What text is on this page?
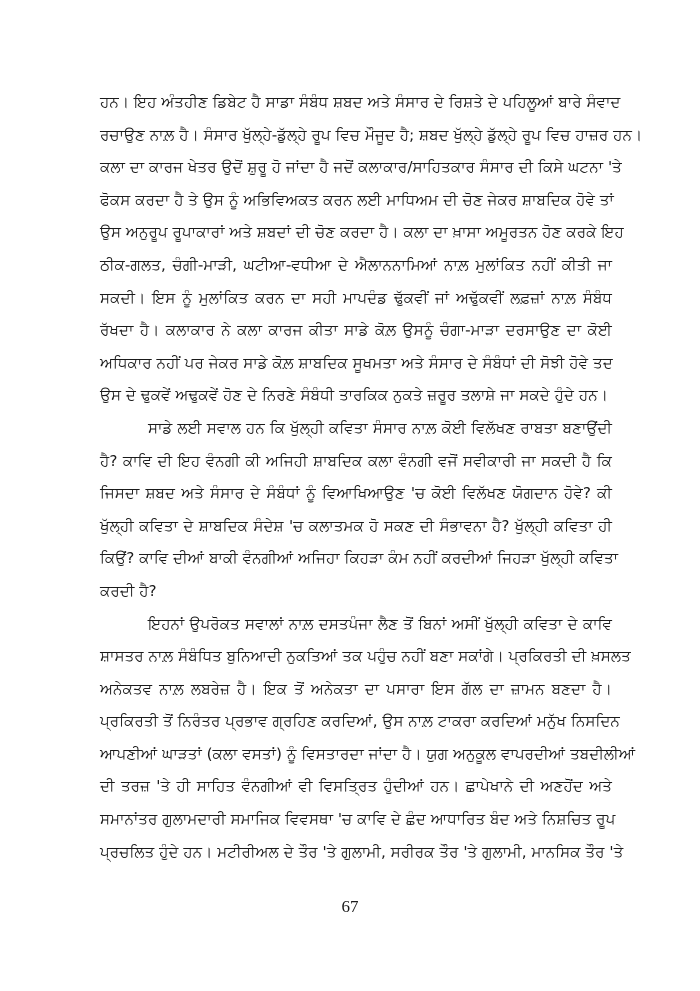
ਹਨ। ਇਹ ਅੰਤਹੀਣ ਡਿਬੇਟ ਹੈ ਸਾਡਾ ਸੰਬੰਧ ਸ਼ਬਦ ਅਤੇ ਸੰਸਾਰ ਦੇ ਰਿਸ਼ਤੇ ਦੇ ਪਹਿਲੂਆਂ ਬਾਰੇ ਸੰਵਾਦ
ਰਚਾਉਣ ਨਾਲ਼ ਹੈ। ਸੰਸਾਰ ਖੁੱਲ੍ਹੇ-ਡੁੱਲ੍ਹੇ ਰੂਪ ਵਿਚ ਮੌਜੂਦ ਹੈ; ਸ਼ਬਦ ਖੁੱਲ੍ਹੇ ਡੁੱਲ੍ਹੇ ਰੂਪ ਵਿਚ ਹਾਜ਼ਰ ਹਨ।
ਕਲਾ ਦਾ ਕਾਰਜ ਖੇਤਰ ਉਦੋਂ ਸ਼ੁਰੂ ਹੋ ਜਾਂਦਾ ਹੈ ਜਦੋਂ ਕਲਾਕਾਰ/ਸਾਹਿਤਕਾਰ ਸੰਸਾਰ ਦੀ ਕਿਸੇ ਘਟਨਾ 'ਤੇ
ਫੋਕਸ ਕਰਦਾ ਹੈ ਤੇ ਉਸ ਨੂੰ ਅਭਿਵਿਅਕਤ ਕਰਨ ਲਈ ਮਾਧਿਅਮ ਦੀ ਚੋਣ ਜੇਕਰ ਸ਼ਾਬਦਿਕ ਹੋਵੇ ਤਾਂ
ਉਸ ਅਨੁਰੂਪ ਰੂਪਾਕਾਰਾਂ ਅਤੇ ਸ਼ਬਦਾਂ ਦੀ ਚੋਣ ਕਰਦਾ ਹੈ। ਕਲਾ ਦਾ ਖ਼ਾਸਾ ਅਮੂਰਤਨ ਹੋਣ ਕਰਕੇ ਇਹ
ਠੀਕ-ਗਲਤ, ਚੰਗੀ-ਮਾੜੀ, ਘਟੀਆ-ਵਧੀਆ ਦੇ ਐਲਾਨਨਾਮਿਆਂ ਨਾਲ਼ ਮੁਲਾਂਕਿਤ ਨਹੀਂ ਕੀਤੀ ਜਾ
ਸਕਦੀ। ਇਸ ਨੂੰ ਮੁਲਾਂਕਿਤ ਕਰਨ ਦਾ ਸਹੀ ਮਾਪਦੰਡ ਢੁੱਕਵੀਂ ਜਾਂ ਅਢੁੱਕਵੀਂ ਲਫ਼ਜ਼ਾਂ ਨਾਲ਼ ਸੰਬੰਧ
ਰੱਖਦਾ ਹੈ। ਕਲਾਕਾਰ ਨੇ ਕਲਾ ਕਾਰਜ ਕੀਤਾ ਸਾਡੇ ਕੋਲ਼ ਉਸਨੂੰ ਚੰਗਾ-ਮਾੜਾ ਦਰਸਾਉਣ ਦਾ ਕੋਈ
ਅਧਿਕਾਰ ਨਹੀਂ ਪਰ ਜੇਕਰ ਸਾਡੇ ਕੋਲ਼ ਸ਼ਾਬਦਿਕ ਸੂਖਮਤਾ ਅਤੇ ਸੰਸਾਰ ਦੇ ਸੰਬੰਧਾਂ ਦੀ ਸੋਝੀ ਹੋਵੇ ਤਦ
ਉਸ ਦੇ ਢੁਕਵੇਂ ਅਢੁਕਵੇਂ ਹੋਣ ਦੇ ਨਿਰਣੇ ਸੰਬੰਧੀ ਤਾਰਕਿਕ ਨੁਕਤੇ ਜ਼ਰੂਰ ਤਲਾਸ਼ੇ ਜਾ ਸਕਦੇ ਹੁੰਦੇ ਹਨ।
ਸਾਡੇ ਲਈ ਸਵਾਲ ਹਨ ਕਿ ਖੁੱਲ੍ਹੀ ਕਵਿਤਾ ਸੰਸਾਰ ਨਾਲ਼ ਕੋਈ ਵਿਲੱਖਣ ਰਾਬਤਾ ਬਣਾਉਂਦੀ
ਹੈ? ਕਾਵਿ ਦੀ ਇਹ ਵੰਨਗੀ ਕੀ ਅਜਿਹੀ ਸ਼ਾਬਦਿਕ ਕਲਾ ਵੰਨਗੀ ਵਜੋਂ ਸਵੀਕਾਰੀ ਜਾ ਸਕਦੀ ਹੈ ਕਿ
ਜਿਸਦਾ ਸ਼ਬਦ ਅਤੇ ਸੰਸਾਰ ਦੇ ਸੰਬੰਧਾਂ ਨੂੰ ਵਿਆਖਿਆਉਣ 'ਚ ਕੋਈ ਵਿਲੱਖਣ ਯੋਗਦਾਨ ਹੋਵੇ? ਕੀ
ਖੁੱਲ੍ਹੀ ਕਵਿਤਾ ਦੇ ਸ਼ਾਬਦਿਕ ਸੰਦੇਸ਼ 'ਚ ਕਲਾਤਮਕ ਹੋ ਸਕਣ ਦੀ ਸੰਭਾਵਨਾ ਹੈ? ਖੁੱਲ੍ਹੀ ਕਵਿਤਾ ਹੀ
ਕਿਉਂ? ਕਾਵਿ ਦੀਆਂ ਬਾਕੀ ਵੰਨਗੀਆਂ ਅਜਿਹਾ ਕਿਹੜਾ ਕੰਮ ਨਹੀਂ ਕਰਦੀਆਂ ਜਿਹੜਾ ਖੁੱਲ੍ਹੀ ਕਵਿਤਾ
ਕਰਦੀ ਹੈ?
ਇਹਨਾਂ ਉਪਰੋਕਤ ਸਵਾਲਾਂ ਨਾਲ਼ ਦਸਤਪੰਜਾ ਲੈਣ ਤੋਂ ਬਿਨਾਂ ਅਸੀਂ ਖੁੱਲ੍ਹੀ ਕਵਿਤਾ ਦੇ ਕਾਵਿ
ਸ਼ਾਸਤਰ ਨਾਲ਼ ਸੰਬੰਧਿਤ ਬੁਨਿਆਦੀ ਨੁਕਤਿਆਂ ਤਕ ਪਹੁੰਚ ਨਹੀਂ ਬਣਾ ਸਕਾਂਗੇ। ਪ੍ਰਕਿਰਤੀ ਦੀ ਖ਼ਸਲਤ
ਅਨੇਕਤਵ ਨਾਲ਼ ਲਬਰੇਜ਼ ਹੈ। ਇਕ ਤੋਂ ਅਨੇਕਤਾ ਦਾ ਪਸਾਰਾ ਇਸ ਗੱਲ ਦਾ ਜ਼ਾਮਨ ਬਣਦਾ ਹੈ।
ਪ੍ਰਕਿਰਤੀ ਤੋਂ ਨਿਰੰਤਰ ਪ੍ਰਭਾਵ ਗ੍ਰਹਿਣ ਕਰਦਿਆਂ, ਉਸ ਨਾਲ਼ ਟਾਕਰਾ ਕਰਦਿਆਂ ਮਨੁੱਖ ਨਿਸਦਿਨ
ਆਪਣੀਆਂ ਘਾੜਤਾਂ (ਕਲਾ ਵਸਤਾਂ) ਨੂੰ ਵਿਸਤਾਰਦਾ ਜਾਂਦਾ ਹੈ। ਯੁਗ ਅਨੁਕੂਲ ਵਾਪਰਦੀਆਂ ਤਬਦੀਲੀਆਂ
ਦੀ ਤਰਜ਼ 'ਤੇ ਹੀ ਸਾਹਿਤ ਵੰਨਗੀਆਂ ਵੀ ਵਿਸਤ੍ਰਿਤ ਹੁੰਦੀਆਂ ਹਨ। ਛਾਪੇਖਾਨੇ ਦੀ ਅਣਹੋਂਦ ਅਤੇ
ਸਮਾਨਾਂਤਰ ਗੁਲਾਮਦਾਰੀ ਸਮਾਜਿਕ ਵਿਵਸਥਾ 'ਚ ਕਾਵਿ ਦੇ ਛੰਦ ਆਧਾਰਿਤ ਬੰਦ ਅਤੇ ਨਿਸ਼ਚਿਤ ਰੂਪ
ਪ੍ਰਚਲਿਤ ਹੁੰਦੇ ਹਨ। ਮਟੀਰੀਅਲ ਦੇ ਤੌਰ 'ਤੇ ਗੁਲਾਮੀ, ਸਰੀਰਕ ਤੌਰ 'ਤੇ ਗੁਲਾਮੀ, ਮਾਨਸਿਕ ਤੌਰ 'ਤੇ
67
